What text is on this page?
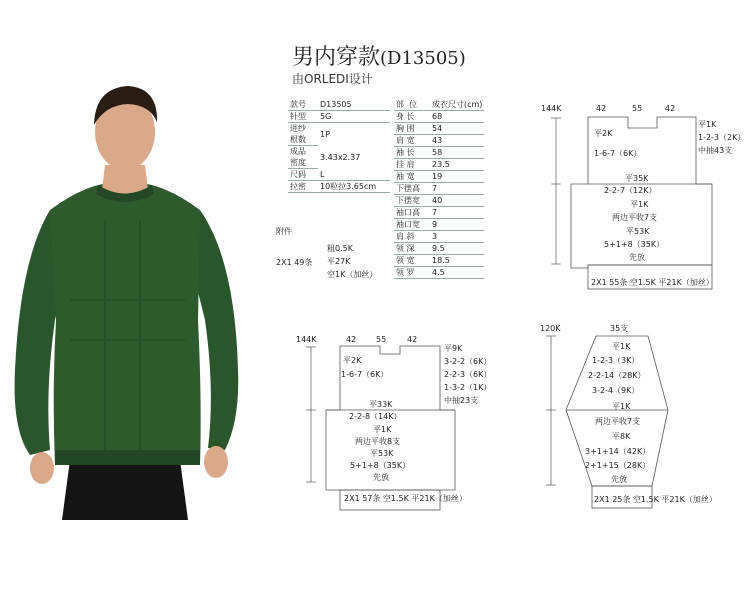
男内穿款(D13505)
由ORLEDI设计
款号	D13505
针型	5G
进纱	1P
根数	
成品	3.43x2.37
密度	
尺码	L
拉密	10粒拉3.65cm
部 位	成衣尺寸(cm)
身 长	68
胸 围	54
肩 宽	43
袖 长	58
挂 肩	23.5
袖 宽	19
下摆高	7
下摆宽	40
袖口高	7
袖口宽	9
肩 斜	3
领 深	9.5
领 宽	18.5
领 罗	4.5
附件
2X1 49条
粗0.5K
平27K
空1K（加丝）
144K	42	55	42
平2K
1-6-7（6K）
平1K
1-2-3（2K）
中抽43支
平35K
2-2-7（12K）
平1K
两边平收7支
平53K
5+1+8（35K）
先放
2X1 55条 空1.5K 平21K（加丝）
144K	42 55	42
平2K
1-6-7（6K）
平9K
3-2-2（6K）
2-2-3（6K）
1-3-2（1K）
中抽23支
平33K
2-2-8（14K）
平1K
两边平收8支
平53K
5+1+8（35K）
先放
2X1 57条 空1.5K 平21K（加丝）
120K	35支
平1K
1-2-3（3K）
2-2-14（28K）
3-2-4（9K）
平1K
两边平收7支
平8K
3+1+14（42K）
2+1+15（28K）
先放
2X1 25条 空1.5K 平21K（加丝）
